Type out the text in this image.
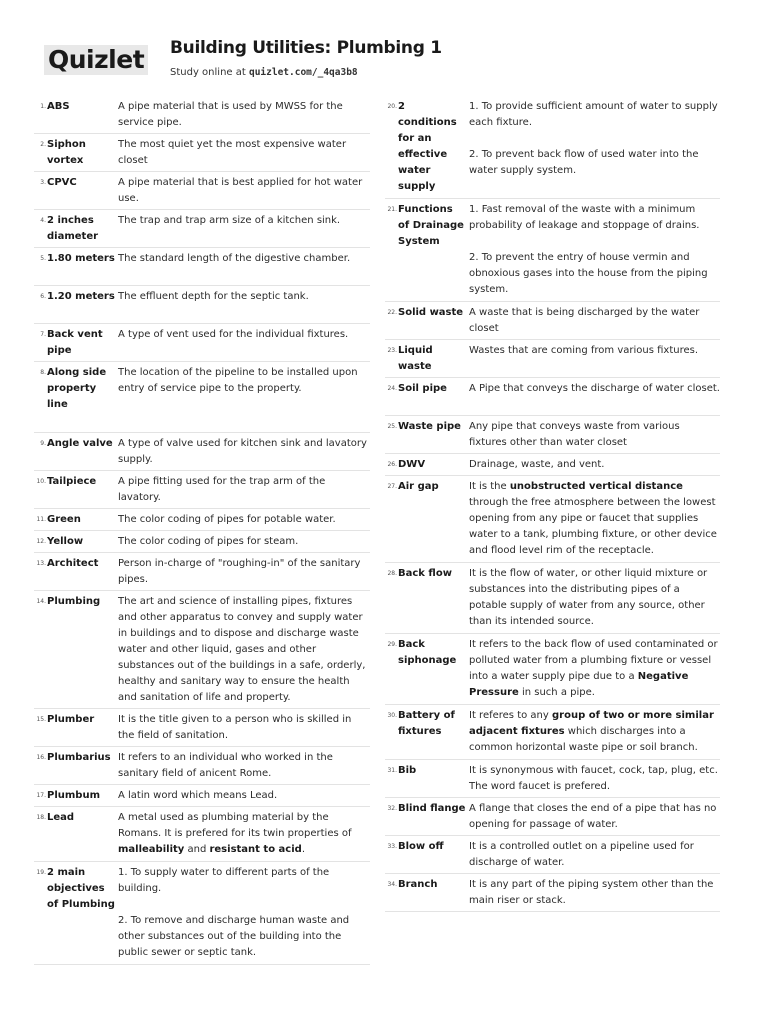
Quizlet Building Utilities: Plumbing 1
Study online at quizlet.com/_4qa3b8
1. ABS	A pipe material that is used by MWSS for the service pipe.

2. Siphon vortex

The most quiet yet the most expensive water closet

3. CPVC	A pipe material that is best applied for hot water use.

4. 2 inches diameter

The trap and trap arm size of a kitchen sink.

5. 1.80 meters The standard length of the digestive chamber.

6. 1.20 meters The effluent depth for the septic tank.

7. Back vent pipe

A type of vent used for the individual fixtures.

8. Along side property line

The location of the pipeline to be installed upon entry of service pipe to the property.

9. Angle valve A type of valve used for kitchen sink and lavatory supply.

10. Tailpiece	A pipe fitting used for the trap arm of the lavatory.

11. Green	The color coding of pipes for potable water.

12. Yellow	The color coding of pipes for steam.

13. Architect	Person in-charge of "roughing-in" of the sanitary pipes.

14. Plumbing	The art and science of installing pipes, fixtures and other apparatus to convey and supply water in buildings and to dispose and discharge waste water and other liquid, gases and other substances out of the buildings in a safe, orderly, healthy and sanitary way to ensure the health and sanitation of life and property.

15. Plumber	It is the title given to a person who is skilled in the field of sanitation.

16. Plumbarius It refers to an individual who worked in the sanitary field of anicent Rome.

17. Plumbum	A latin word which means Lead.

18. Lead	A metal used as plumbing material by the Romans. It is prefered for its twin properties of malleability and resistant to acid.

19. 2 main objectives of Plumbing

1. To supply water to different parts of the building.

2. To remove and discharge human waste and other substances out of the building into the public sewer or septic tank.

20. 2 conditions for an effective water supply

1. To provide sufficient amount of water to supply each fixture.

2. To prevent back flow of used water into the water supply system.

21. Functions of Drainage System

1. Fast removal of the waste with a minimum probability of leakage and stoppage of drains.

2. To prevent the entry of house vermin and obnoxious gases into the house from the piping system.

22. Solid waste A waste that is being discharged by the water closet

23. Liquid waste

Wastes that are coming from various fixtures.

24. Soil pipe	A Pipe that conveys the discharge of water closet.

25. Waste pipe Any pipe that conveys waste from various fixtures other than water closet

26. DWV	Drainage, waste, and vent.

27. Air gap	It is the unobstructed vertical distance through the free atmosphere between the lowest opening from any pipe or faucet that supplies water to a tank, plumbing fixture, or other device and flood level rim of the receptacle.

28. Back flow	It is the flow of water, or other liquid mixture or substances into the distributing pipes of a potable supply of water from any source, other than its intended source.

29. Back siphonage

It refers to the back flow of used contaminated or polluted water from a plumbing fixture or vessel into a water supply pipe due to a Negative Pressure in such a pipe.

30. Battery of fixtures

It referes to any group of two or more similar adjacent fixtures which discharges into a common horizontal waste pipe or soil branch.

31. Bib	It is synonymous with faucet, cock, tap, plug, etc. The word faucet is prefered.

32. Blind flange A flange that closes the end of a pipe that has no opening for passage of water.

33. Blow off	It is a controlled outlet on a pipeline used for discharge of water.

34. Branch	It is any part of the piping system other than the main riser or stack.
